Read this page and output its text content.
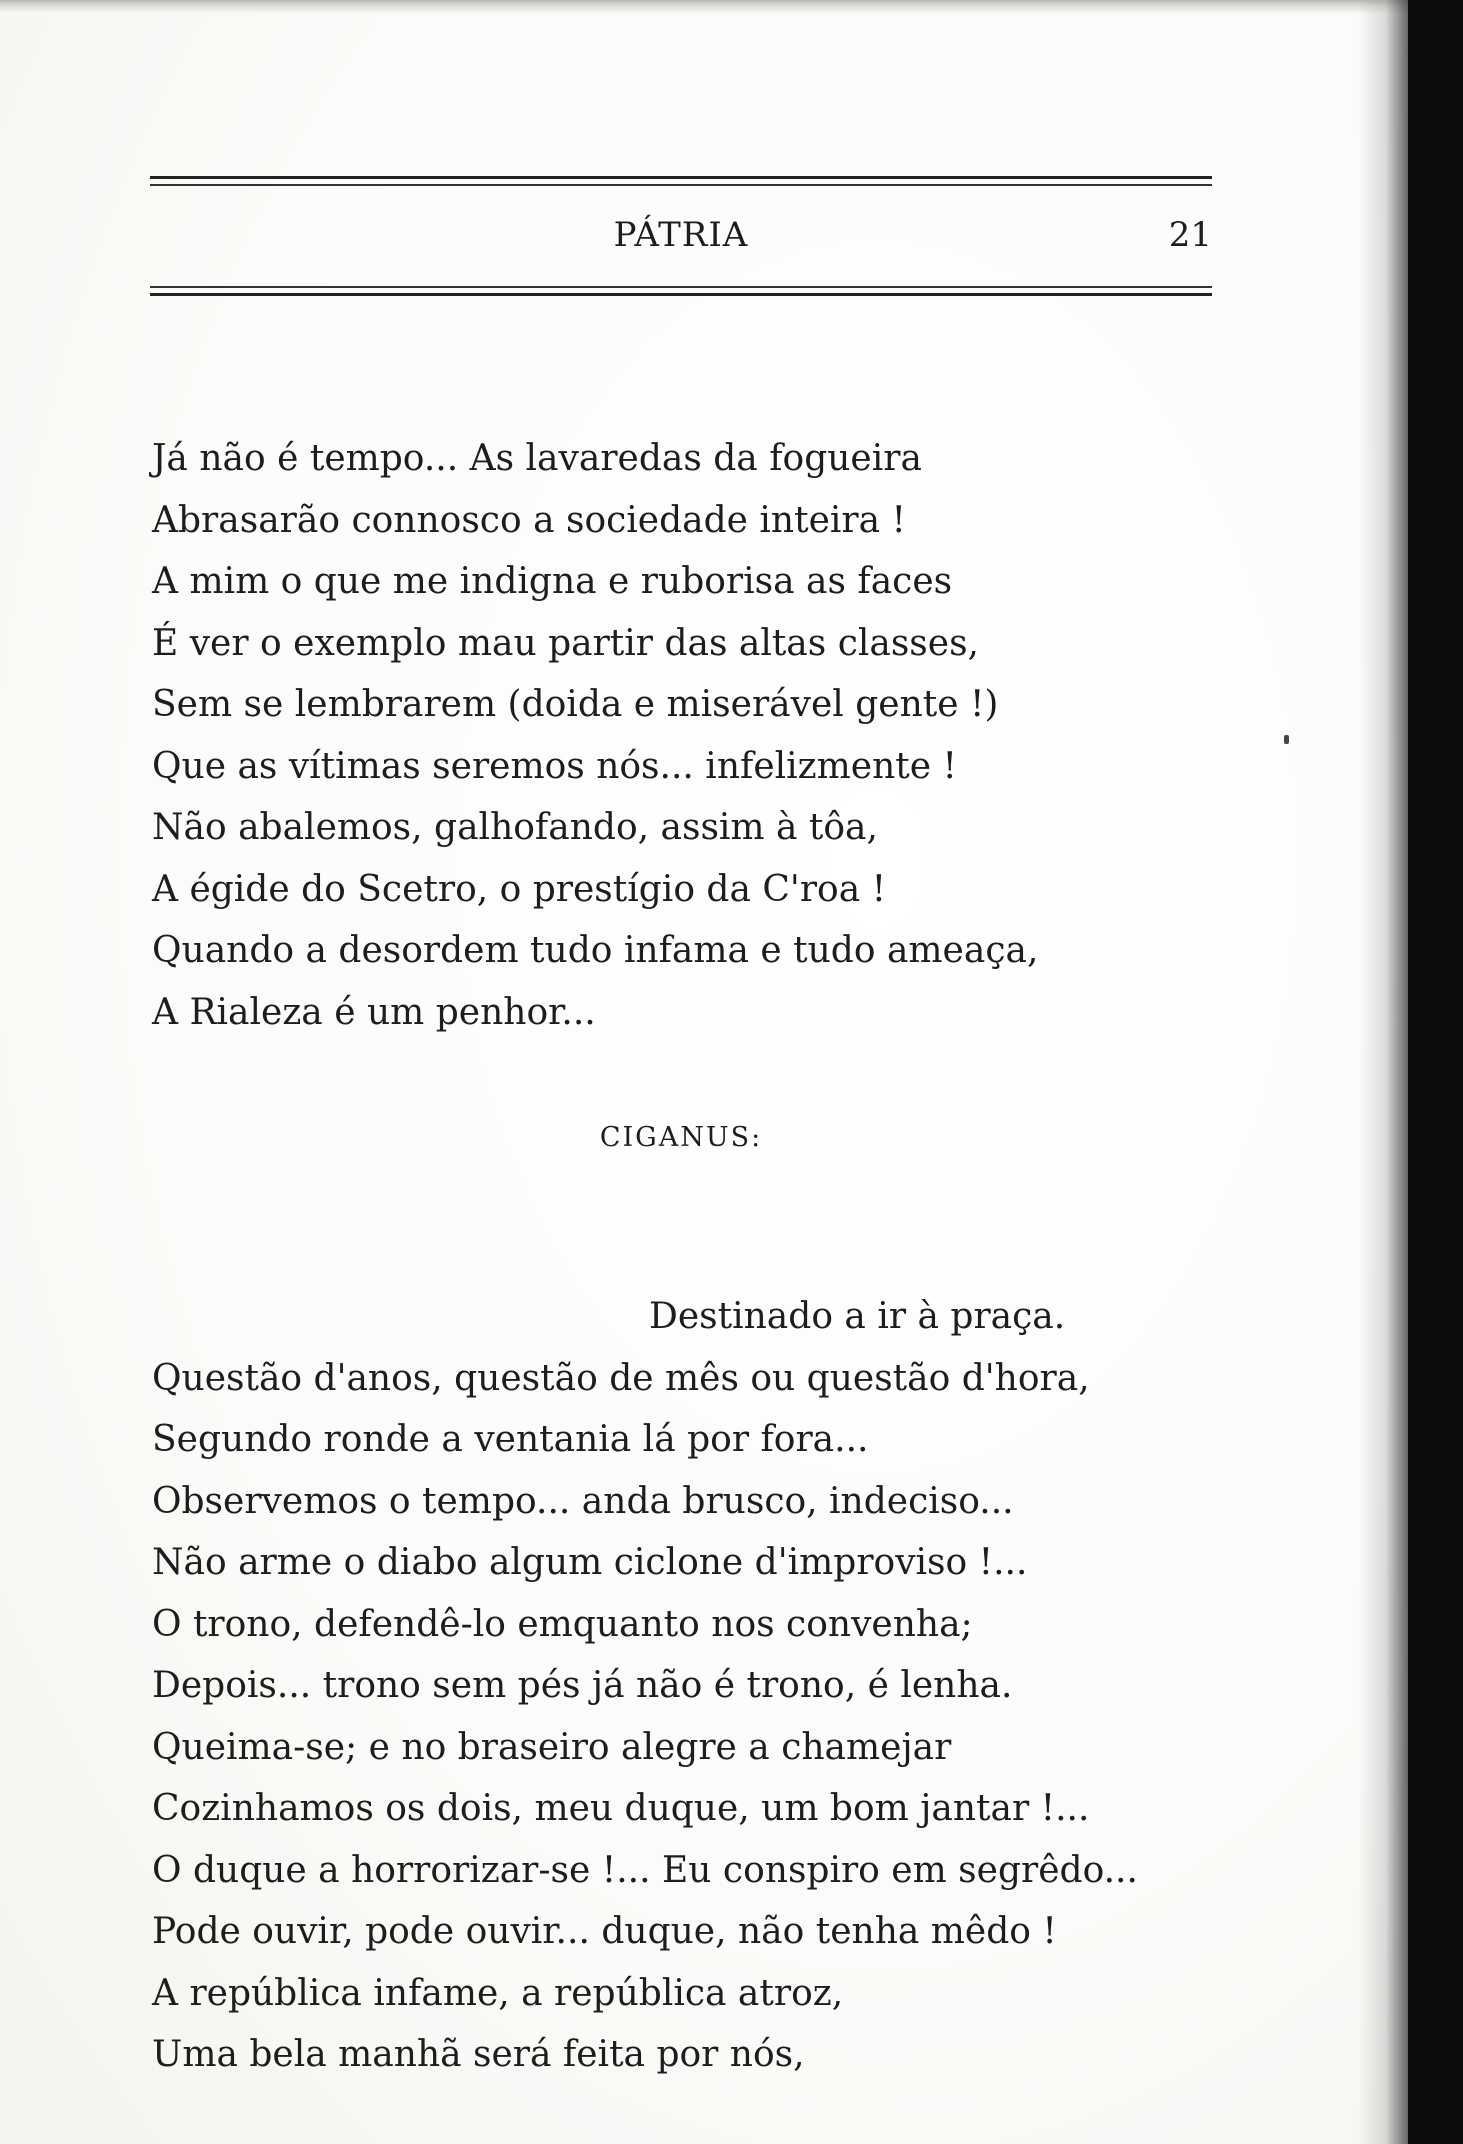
PÁTRIA	21
Já não é tempo... As lavaredas da fogueira
Abrasarão connosco a sociedade inteira !
A mim o que me indigna e ruborisa as faces
É ver o exemplo mau partir das altas classes,
Sem se lembrarem (doida e miserável gente !)
Que as vítimas seremos nós... infelizmente !
Não abalemos, galhofando, assim à tôa,
A égide do Scetro, o prestígio da C'roa !
Quando a desordem tudo infama e tudo ameaça,
A Rialeza é um penhor...
CIGANUS:
Destinado a ir à praça.
Questão d'anos, questão de mês ou questão d'hora,
Segundo ronde a ventania lá por fora...
Observemos o tempo... anda brusco, indeciso...
Não arme o diabo algum ciclone d'improviso !...
O trono, defendê-lo emquanto nos convenha;
Depois... trono sem pés já não é trono, é lenha.
Queima-se; e no braseiro alegre a chamejar
Cozinhamos os dois, meu duque, um bom jantar !...
O duque a horrorizar-se !... Eu conspiro em segrêdo...
Pode ouvir, pode ouvir... duque, não tenha mêdo !
A república infame, a república atroz,
Uma bela manhã será feita por nós,
